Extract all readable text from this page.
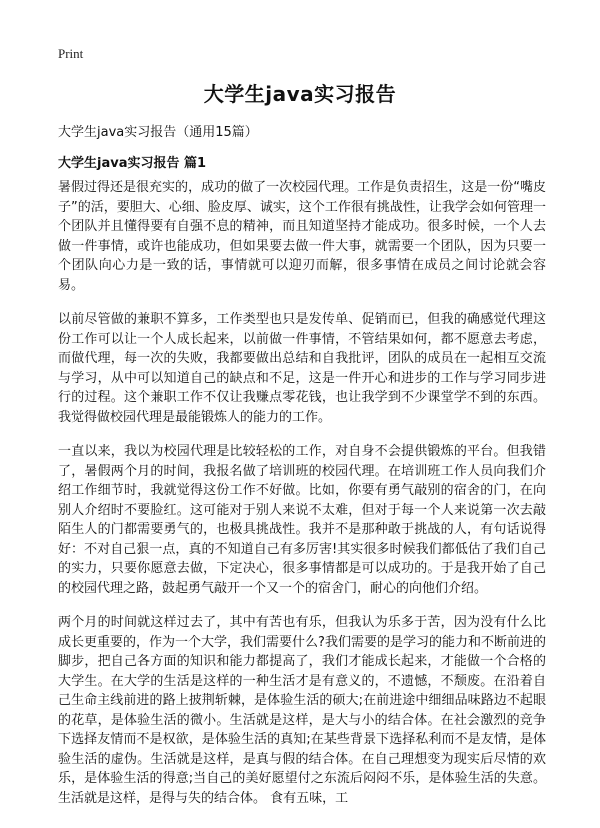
Print
大学生java实习报告

大学生java实习报告（通用15篇）

大学生java实习报告 篇1

暑假过得还是很充实的，成功的做了一次校园代理。工作是负责招生，这是一份“嘴皮子”的活，要胆大、心细、脸皮厚、诚实，这个工作很有挑战性，让我学会如何管理一个团队并且懂得要有自强不息的精神，而且知道坚持才能成功。很多时候，一个人去做一件事情，或许也能成功，但如果要去做一件大事，就需要一个团队，因为只要一个团队向心力是一致的话，事情就可以迎刃而解，很多事情在成员之间讨论就会容易。

以前尽管做的兼职不算多，工作类型也只是发传单、促销而已，但我的确感觉代理这份工作可以让一个人成长起来，以前做一件事情，不管结果如何，都不愿意去考虑，而做代理，每一次的失败，我都要做出总结和自我批评，团队的成员在一起相互交流与学习，从中可以知道自己的缺点和不足，这是一件开心和进步的工作与学习同步进行的过程。这个兼职工作不仅让我赚点零花钱，也让我学到不少课堂学不到的东西。我觉得做校园代理是最能锻炼人的能力的工作。

一直以来，我以为校园代理是比较轻松的工作，对自身不会提供锻炼的平台。但我错了，暑假两个月的时间，我报名做了培训班的校园代理。在培训班工作人员向我们介绍工作细节时，我就觉得这份工作不好做。比如，你要有勇气敲别的宿舍的门，在向别人介绍时不要脸红。这可能对于别人来说不太难，但对于每一个人来说第一次去敲陌生人的门都需要勇气的，也极具挑战性。我并不是那种敢于挑战的人，有句话说得好：不对自己狠一点，真的不知道自己有多厉害!其实很多时候我们都低估了我们自己的实力，只要你愿意去做，下定决心，很多事情都是可以成功的。于是我开始了自己的校园代理之路，鼓起勇气敲开一个又一个的宿舍门，耐心的向他们介绍。

两个月的时间就这样过去了，其中有苦也有乐，但我认为乐多于苦，因为没有什么比成长更重要的，作为一个大学，我们需要什么?我们需要的是学习的能力和不断前进的脚步，把自己各方面的知识和能力都提高了，我们才能成长起来，才能做一个合格的大学生。在大学的生活是这样的一种生活才是有意义的，不遗憾，不颓废。在沿着自己生命主线前进的路上披荆斩棘，是体验生活的硕大;在前进途中细细品味路边不起眼的花草，是体验生活的微小。生活就是这样，是大与小的结合体。在社会激烈的竞争下选择友情而不是权欲，是体验生活的真知;在某些背景下选择私利而不是友情，是体验生活的虚伪。生活就是这样，是真与假的结合体。在自己理想变为现实后尽情的欢乐，是体验生活的得意;当自己的美好愿望付之东流后闷闷不乐，是体验生活的失意。生活就是这样，是得与失的结合体。 食有五味，工
